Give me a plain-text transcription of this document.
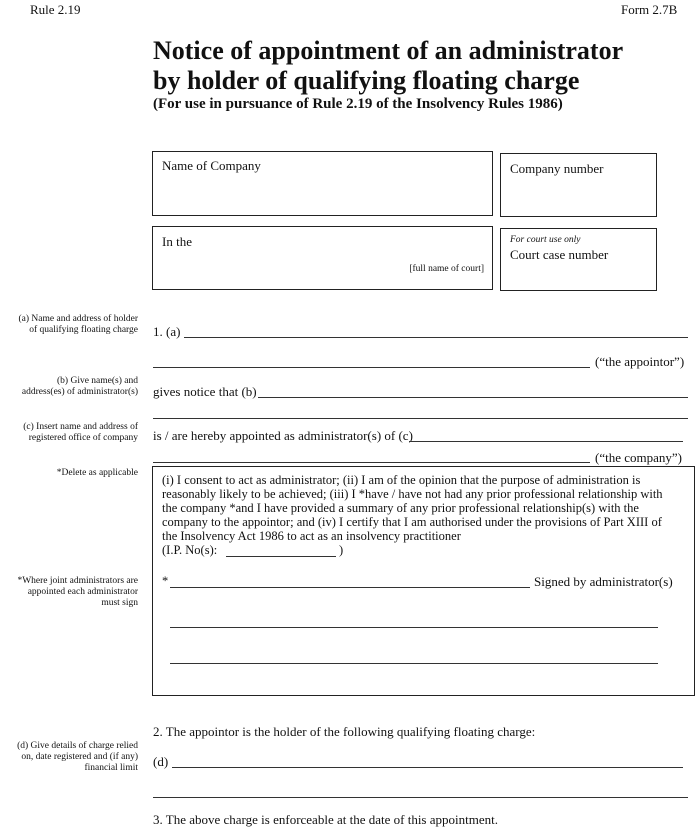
Rule 2.19	Form 2.7B
Notice of appointment of an administrator
by holder of qualifying floating charge
(For use in pursuance of Rule 2.19 of the Insolvency Rules 1986)
Name of Company	Company number
In the
[full name of court]
For court use only
Court case number
(a) Name and address of holder
of qualifying floating charge
(b) Give name(s) and
address(es) of administrator(s)
(c) Insert name and address of
registered office of company
*Delete as applicable
*Where joint administrators are
appointed each administrator
must sign
(d) Give details of charge relied
on, date registered and (if any)
financial limit
1. (a)
(“the appointor”)
gives notice that (b)
is / are hereby appointed as administrator(s) of (c)
(“the company”)
(i) I consent to act as administrator; (ii) I am of the opinion that the purpose of administration is
reasonably likely to be achieved; (iii) I *have / have not had any prior professional relationship with
the company *and I have provided a summary of any prior professional relationship(s) with the
company to the appointor; and (iv) I certify that I am authorised under the provisions of Part XIII of
the Insolvency Act 1986 to act as an insolvency practitioner
(I.P. No(s):	)
*	Signed by administrator(s)
2. The appointor is the holder of the following qualifying floating charge:
(d)
3. The above charge is enforceable at the date of this appointment.
